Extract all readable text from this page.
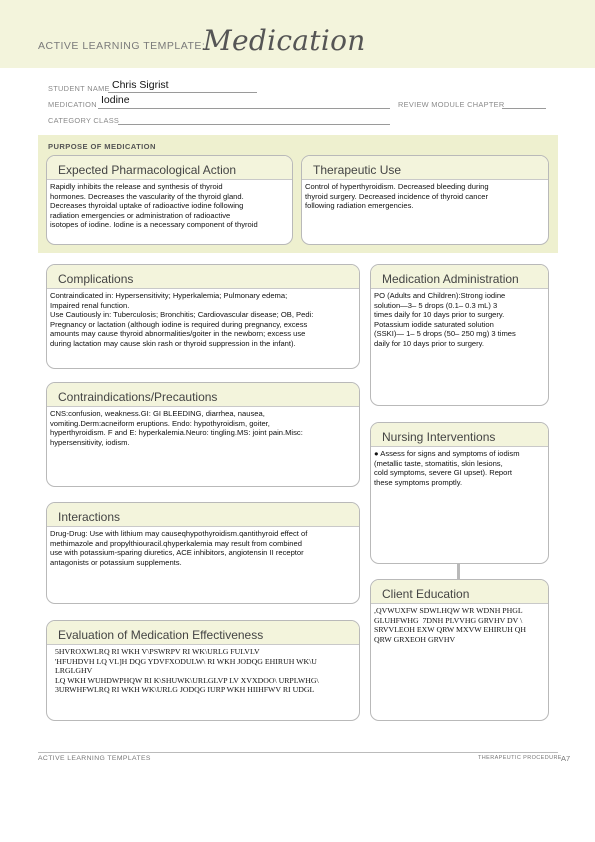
ACTIVE LEARNING TEMPLATE:
Medication
STUDENT NAME Chris Sigrist
MEDICATION Iodine	REVIEW MODULE CHAPTER
CATEGORY CLASS
PURPOSE OF MEDICATION
Expected Pharmacological Action
Rapidly inhibits the release and synthesis of thyroid
hormones. Decreases the vascularity of the thyroid gland.
Decreases thyroidal uptake of radioactive iodine following
radiation emergencies or administration of radioactive
isotopes of iodine. Iodine is a necessary component of thyroid
Therapeutic Use
Control of hyperthyroidism. Decreased bleeding during
thyroid surgery. Decreased incidence of thyroid cancer
following radiation emergencies.
Complications
Contraindicated in: Hypersensitivity; Hyperkalemia; Pulmonary edema;
Impaired renal function.
Use Cautiously in: Tuberculosis; Bronchitis; Cardiovascular disease; OB, Pedi:
Pregnancy or lactation (although iodine is required during pregnancy, excess
amounts may cause thyroid abnormalities/goiter in the newborn; excess use
during lactation may cause skin rash or thyroid suppression in the infant).
Contraindications/Precautions
CNS:confusion, weakness.GI: GI BLEEDING, diarrhea, nausea,
vomiting.Derm:acneiform eruptions. Endo: hypothyroidism, goiter,
hyperthyroidism. F and E: hyperkalemia.Neuro: tingling.MS: joint pain.Misc:
hypersensitivity, iodism.
Interactions
Drug-Drug: Use with lithium may causeqhypothyroidism.qantithyroid effect of
methimazole and propylthiouracil.qhyperkalemia may result from combined
use with potassium-sparing diuretics, ACE inhibitors, angiotensin II receptor
antagonists or potassium supplements.
Evaluation of Medication Effectiveness
5HVROXWLRQ RI WKH V\PSWRPV RI WK\URLG FULVLV
'HFUHDVH LQ VL]H DQG YDVFXODULW\ RI WKH JODQG EHIRUH WK\U
LRGLGHV
LQ WKH WUHDWPHQW RI K\SHUWK\URLGLVP LV XVXDOO\ URPLWHG\
3URWHFWLRQ RI WKH WK\URLG JODQG IURP WKH HIIHFWV RI UDGL
Medication Administration
PO (Adults and Children):Strong iodine
solution—3– 5 drops (0.1– 0.3 mL) 3
times daily for 10 days prior to surgery.
Potassium iodide saturated solution
(SSKI)— 1– 5 drops (50– 250 mg) 3 times
daily for 10 days prior to surgery.
Nursing Interventions
● Assess for signs and symptoms of iodism
(metallic taste, stomatitis, skin lesions,
cold symptoms, severe GI upset). Report
these symptoms promptly.
Client Education
,QVWUXFW SDWLHQW WR WDNH PHGL
GLUHFWHG  7DNH PLVVHG GRVHV DV \
SRVVLEOH EXW QRW MXVW EHIRUH QH
QRW GRXEOH GRVHV
ACTIVE LEARNING TEMPLATES	THERAPEUTIC PROCEDURE A7
